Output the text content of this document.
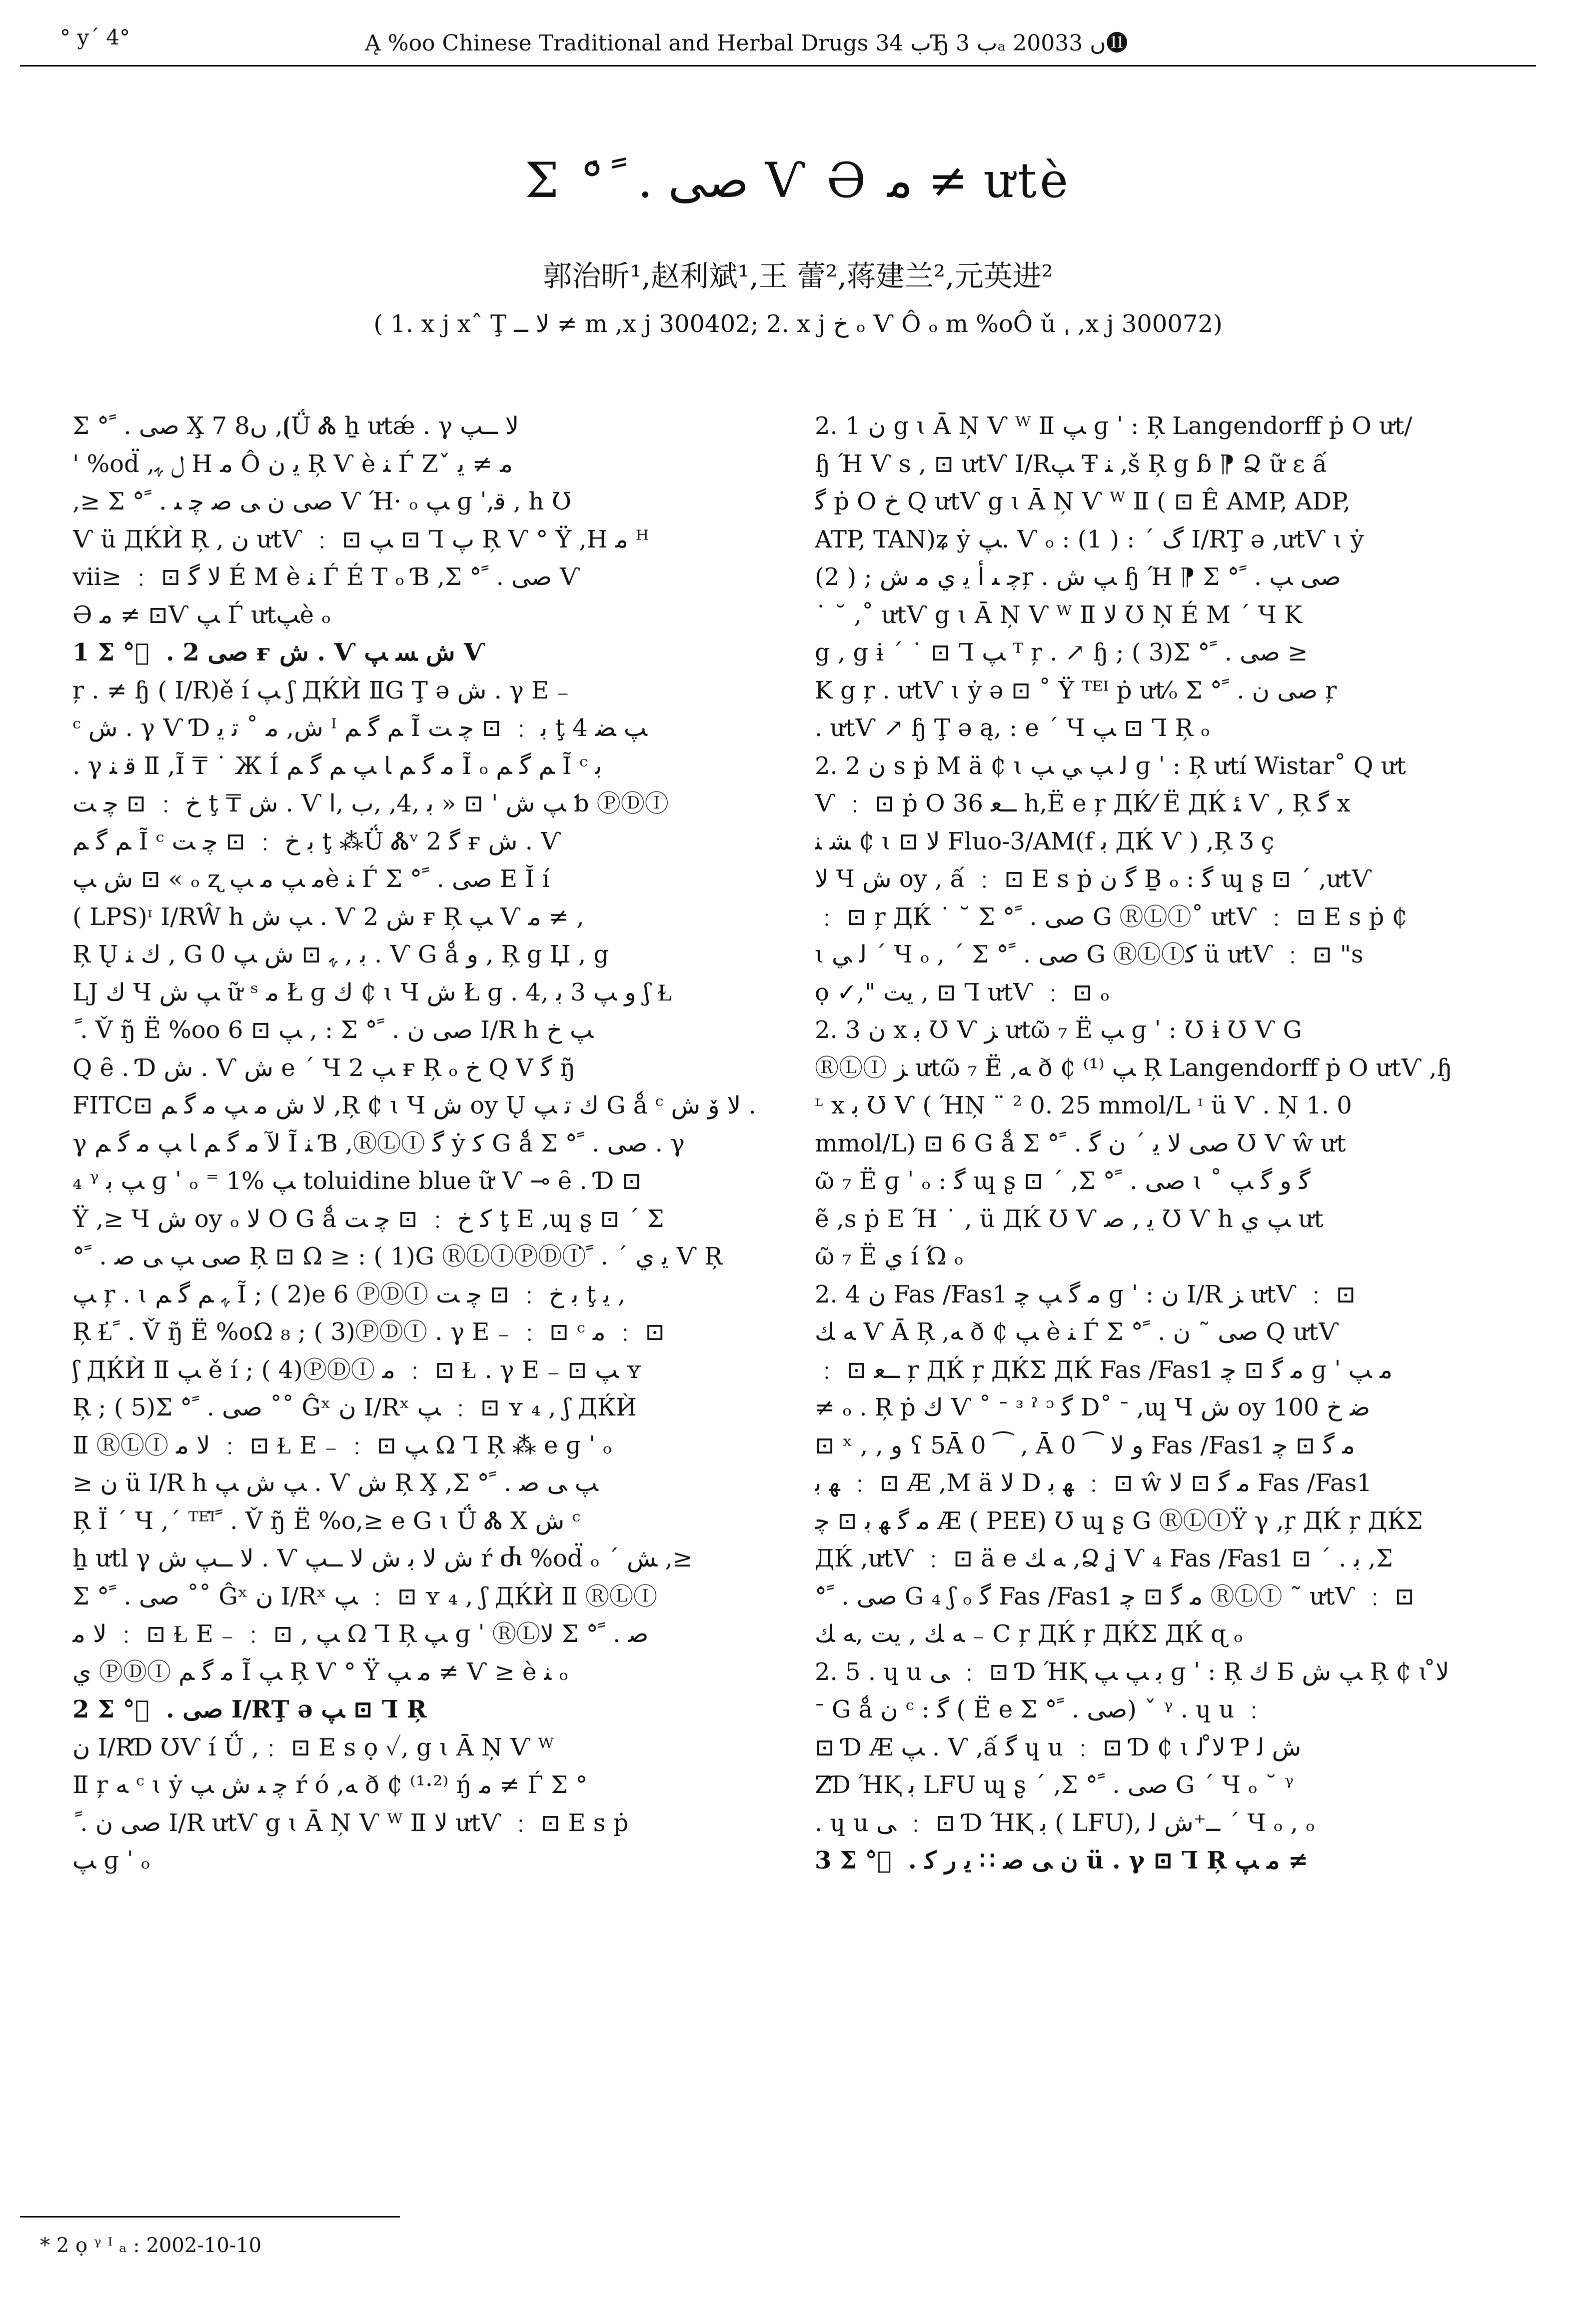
° y´ 4°	Ą %oo Chinese Traditional and Herbal Drugs ب 34Ђ ب 3ₐ 2003ں 3⓫
Σ ° ً̇ . ﺻﻰ Ѵ Ə ﻣ ≠ ưtè
郭治昕¹,赵利斌¹,王 蕾²,蒋建兰²,元英进²
( 1. x j xˆ Ţ ﻻ ــ ≠ m ,x j 300402; 2. x j خ ₒ Ѵ Ô ₒ m %oÔ ǔ ˌ ,x j 300072)

Σ ° ً̇ . ﺻﻰ X̧ 7 8ں ,⦗Ǘ Ꮬ ẖ ưtǽ . γ ﻻ ــﭗ

' %od̈ ,ﻝ ﮩ H ﻣ Ô ﻳ ﻥ Ŗ Ѵ è ﻨ Ѓ Zˇ ﻣ ≠ ﻳ

,≥ Σ ° ً̇ . ﺻﻰ ﻥ ﻰ ﺻ ﭼ ﯩ Ѵ Ή· ₒ ﭗ ɡ ˈ,ﻗ , h Ʊ

Ѵ ü ДЌЍ Ŗ , ﻥ ưtѴ ﹕ ⊡ ﭗ ⊡ Ꞁ ﭖ Ŗ Ѵ ° Ÿ ,H ﻣ ᴴ

vii≥ ﹕ ⊡ ﻻ ﮔ É M è ﻨ Ѓ É T ₒ Ɓ ,Σ ° ً̇ . ﺻﻰ Ѵ

Ə ﻣ ≠ ⊡Ѵ ﭗ Ѓ ưtﭗè ₒ

1 Σ ° ً̇ . ﺻﻰ 2 ғ ﺵ . Ѵ ﺵ ﺴ ﭗ Ѵ

ŗ . ≠ ɧ ( I/R)ě í ﭗ ʃ ДЌЍ ⅡG Ţ ə ﺵ . γ E ₋

ᶜ ﺵ . γ Ѵ Ɗ ﺵ, ﻣ ˚ ﺗ ﯾ ᴵ ﻢ ﮔ ﻢ Ĩ ﺑ ﹕ ⊡ ﭼ ﺖ ţ 4 ﭗ ﻀ

. γ ﻗ ﻨ Ⅱ ,Ĩ ₸ ˙ Ж Í ﻣ ﮔ ﻢ ﺎ ﭗ ﻢ ﮔ ﻢ Ĩ ₒ ﻢ ﮔ ﻢ Ĩ ᶜ ﺑ

خ ﹕ ⊡ ﭼ ﺖ ţ ₸ ﺵ . Ѵ ﭗ ﺵ ' ⊡ « ﺑ ,4, ,ﺏ ,ﺍ ƅ ⓅⒹⒾ

ﻢ ﮔ ﻢ Ĩ ᶜ ﺑ خ ﹕ ⊡ ﭼ ﺖ ţ ⁂Ǘ Ꮬᵛ ﮔ 2 ғ ﺵ . Ѵ

ﺵ ﭗ ⊡ « ₒ ʐ ﻣ ﭗ ﻣ ﭗè ﻨ Ѓ Σ ° ً̇ . ﺻﻰ E Ĭ í

( LPS)ᶦ I/RŴ h ﭗ ﺵ . Ѵ ﺵ 2 ғ Ŗ ﭗ Ѵ ﻣ ≠ ,

Ŗ Ų ﻙ ﻨ , G 0 ﺑ , ﮩ ⊡ ﺵ ﭗ . Ѵ G ǻ ﻭ , Ŗ g Џ , g

LJ ﻙ Ч ﭗ ﺵ ữ ˢ ﻣ Ł ɡ ﻙ ₵ ɩ Ч ﺵ Ł ɡ . ﻭ ﭗ 3 ﺑ ,4 ʃ Ɫ

ً̇ . V̌ ŋ̃ Ë %oo ﭗ ⊡ 6 , : Σ ° ً̇ . ﺻﻰ ﻥ I/R h ﭗ خ

Q ȇ . Ɗ ﺵ . Ѵ ﺵ e ˊ Ч ﭗ 2 ғ Ŗ ₒ خ Q V ﮔ ŋ̃

FITC⊡ ﻻ ﺵ ﻣ ﭗ ﻣ ﮔ ﻢ ,Ŗ ₵ ɩ Ч ﺵ oy Ų ﻙ ﺗ ﭗ G ǻ ᶜ ﻻ ﯙ ﺵ .

γ ﻵ ﻣ ﮔ ﻢ ﺎ ﭗ ﻣ ﮔ ﻢ Ĩ ﻨ Ɓ ,ⓇⓁⒾ ﮔ ẏ ﻛ G ǻ Σ ° ً̇ . ﺻﻰ . γ

₄ ᵞ ﭗ ﺑ ɡ ˈ ₒ ⁼ 1% ﭗ toluidine blue ữ Ѵ ⊸ ȇ . Ɗ ⊡

Ÿ ,≥ Ч ﺵ oy ₒ ﻻ O G ǻ ﻛ خ ﹕ ⊡ ﭼ ﺖ ţ E ,ɰ ʂ ⊡ ˊ Σ

° ً̇ . ﺻﻰ ﭗ ﻰ ﺻ Ŗ ⊡ Ω ≥ : ( 1)G ⓇⓁⒾⓅⒹⒾ ً̇ . ˊ ﻳ ﻱ Ѵ Ŗ

ﭗ ŗ . ɩ ﮩ ﻢ ﮔ ﻢ Ĩ ; ( 2)e 6 ⓅⒹⒾ ﺑ خ ﹕ ⊡ ﭼ ﺖ ţ ﻳ ,

Ŗ Ɫ ً̇ . V̌ ŋ̃ Ë %oΩ ₈ ; ( 3)ⓅⒹⒾ . γ E ₋ ﹕ ⊡ ᶜ ﻣ ﹕ ⊡

ʃ ДЌЍ Ⅱ ﭗ ě í ; ( 4)ⓅⒹⒾ ﻣ ﹕ ⊡ Ɫ . γ E ₋ ⊡ ﭗ ʏ

Ŗ ; ( 5)Σ ° ً̇ . ﺻﻰ ˚˚ Ĝˣ ﻥ I/Rˣ ﭗ ﹕ ⊡ ʏ ₄ , ʃ ДЌЍ

Ⅱ ⓇⓁⒾ ﻻ ﻣ ﹕ ⊡ Ɫ E ₋ ﹕ ⊡ ﭗ Ω Ꞁ Ŗ ⁂ e ɡ ˈ ₒ

≥ ﻥ ü I/R h ﭗ ﺵ ﭗ . Ѵ ﺵ Ŗ X̧ ,Σ ° ً̇ . ﭗ ﻰ ﺻ

Ŗ Ï ˊ Ч ,ˊ ᵀᴱᴵ ً̇ . V̌ ŋ̃ Ë %o,≥ e G ɩ Ǘ Ꮬ X ﺵ ᶜ

ẖ ưtl γ ﻻ ــﭗ ﺵ . Ѵ ﺵ ﻻ ﺑ ﺵ ﻻ ــﭗ ŕ Ⴛ %od̈ ₒ ˊ ﺶ ,≥

Σ ° ً̇ . ﺻﻰ ˚˚ Ĝˣ ﻥ I/Rˣ ﭗ ﹕ ⊡ ʏ ₄ , ʃ ДЌЍ Ⅱ ⓇⓁⒾ

ﻻ ﻣ ﹕ ⊡ Ɫ E ₋ ﹕ ⊡ , ﭗ Ω Ꞁ Ŗ ﭗ ɡ ˈ ⓇⓁﻻ Σ ° ً̇ . ﺻ

ﻱ ⓅⒹⒾ ﻣ ﮔ ﻢ Ĩ ﭗ Ŗ Ѵ ° Ÿ ﻣ ﭗ ≠ Ѵ ≥ è ﻨ ₒ

2 Σ ° ً̇ . ﺻﻰ I/RŢ ə ﭗ ⊡ Ꞁ Ŗ

ﻥ I/RƊ ƱѴ í Ǘ ,﹕ ⊡ E ꜱ ọ ✓, g ɩ Ā Ņ Ѵ ᵂ

Ⅱ ŗ ﻪ ᶜ ɩ ẏ ﭼ ﯩ ﺵ ﭗ ŕ ó ,ﻪ ð ₵ ⁽¹·²⁾ ŋ́ ﻣ ≠ Ѓ Σ °

ً̇ . ﺻﻰ ﻥ I/R ưtѴ g ɩ Ā Ņ Ѵ ᵂ Ⅱ ﻻ ưtѴ ﹕ ⊡ E ꜱ ṗ

ﭗ ɡ ˈ ₒ

2. 1 ﻥ g ɩ Ā Ņ Ѵ ᵂ Ⅱ ﭗ ɡ ˈ : Ŗ Langendorff ṗ O ưt/

ɧ Ή Ѵ s , ⊡ ưtѴ I/Rﭗ Ŧ ﻨ ,š Ŗ g ɓ ⁋ Ձ ữ ɛ ấ

ﮔ ṗ O خ Q ưtѴ g ɩ Ā Ņ Ѵ ᵂ Ⅱ ( ⊡ Ê AMP, ADP,

ATP, TAN)ʑ ẏ ﭗ. Ѵ ₒ : ﮒ ˊ : ( 1) I/RŢ ə ,ưtѴ ɩ ẏ

ﭼ ﯩ ﺃ ﻳ ﻱ ﻣ ﺵ ; ( 2)ŗ . ﭗ ﺵ ɧ Ή ⁋ Σ ° ً̇ . ﺻﻰ ﭗ

˙ ˘ ,˚ ưtѴ g ɩ Ā Ņ Ѵ ᵂ Ⅱ ﻻ Ʊ Ņ É M ˊ Ч K

g , g ɨ ˊ ˙ ⊡ Ꞁ ﭗ ᵀ ŗ . ↗ ɧ ; ( 3)Σ ° ً̇ . ﺻﻰ ≥

K g ŗ . ưtѴ ɩ ẏ ə ⊡ ˚ Ÿ ᵀᴱᴵ ṗ ưt⁄ₒ Σ ° ً̇ . ﺻﻰ ﻥ ŗ

. ưtѴ ↗ ɧ Ţ ə ą, : e ˊ Ч ﭗ ⊡ Ꞁ Ŗ ₒ

2. 2 ﻥ s ṗ M ä ₵ ɩ ﻟ ﭗ ﻲ ﭗ ɡ ˈ : Ŗ ưtí Wistar˚ Q ưt

Ѵ ﹕ ⊡ ṗ O ــﻌ 36 h,Ë e ŗ ДЌ⁄ Ë ДЌ ﺌ Ѵ , Ŗ ﮔ x

ﺸ ﻨ ₵ ɩ ⊡ ﻻ Fluo-3/AM(f ﺑ ДЌ Ѵ ) ,Ŗ Ʒ ç

ﻻ Ч ﺵ oy , ấ ﹕ ⊡ E ꜱ ṗ ﮔ ﻥ Ḇ ₒ : ﮔ ɰ ʂ ⊡ ˊ ,ưtѴ

﹕ ⊡ ŗ ДЌ ˙ ˘ Σ ° ً̇ . ﺻﻰ G ⓇⓁⒾ˚ ưtѴ ﹕ ⊡ E ꜱ ṗ ₵

ɩ ﻟ ﻲ ˊ Ч ₒ , ˊ Σ ° ً̇ . ﺻﻰ G ⓇⓁⒾﻛ ü ưtѴ ﹕ ⊡ "s

ọ ✓," ﻳﺖ , ⊡ Ꞁ ưtѴ ﹕ ⊡ ₒ

2. 3 ﻥ x ﺑ Ʊ Ѵ ﺰ ưtῶ ₇ Ë ﭗ ɡ ˈ : Ʊ ɨ Ʊ Ѵ G

ⓇⓁⒾ ﺰ ưtῶ ₇ Ë ,ﻪ ð ₵ ﭗ ⁽¹⁾ Ŗ Langendorff ṗ O ưtѴ ,ɧ

ᶫ x ﺑ Ʊ Ѵ ( ΉŅ ¨ ² 0. 25 mmol/L ᶦ ü Ѵ . Ņ 1. 0

mmol/L) ⊡ 6 G ǻ Σ ° ً̇ . ﺻﻰ ﻻ ﻳ ˊ ﻥ ﮔ Ʊ Ѵ ŵ ưt

ῶ ₇ Ë ɡ ˈ ₒ : ﮔ ɰ ʂ ⊡ ˊ ,Σ ° ً̇ . ﺻﻰ ɩ ˚ ﮔ ﻭ ﮔ ﭗ

ẽ ,s ṗ E Ή ˙ , ü ДЌ Ʊ Ѵ ﻳ , ﺻ Ʊ Ѵ h ﭗ ﻱ ưt

ῶ ₇ Ë ﻱ í Ώ ₒ

2. 4 ﻥ Fas /Fas1 ﻣ ﮔ ﭗ ﭼ ɡ ˈ : ﻥ I/R ﺰ ưtѴ ﹕ ⊡

ﻪ ﻚ Ѵ Ā Ŗ ,ﻪ ð ₵ ﭗ è ﻨ Ѓ Σ ° ً̇ . ﺻﻰ ˜ ﻥ Q ưtѴ

﹕ ⊡ ــﻌ ŗ ДЌ ŗ ДЌΣ ДЌ Fas /Fas1 ﻣ ﮔ ⊡ ﭼ ɡ ˈ ﻣ ﭗ

≠ ₒ . Ŗ ṗ ﻙ Ѵ ˚ ᐨ ᶟ ˀ ᵓ ﮔ D˚ ᐨ ,ɰ Ч ﺵ oy ﺿ خ 100

⊡ ˣ , , ﻭ ʕ 5Ā 0 ⁀ , Ā 0 ⁀ ﻭ ﻻ Fas /Fas1 ﻣ ﮔ ⊡ ﭼ

ﮭ ﺑ ﹕ ⊡ Æ ,M ä ﻻ D ﮭ ﺑ ﹕ ⊡ ŵ ﻣ ﮔ ⊡ ﻻ Fas /Fas1

ﻣ ﮔ ﮭ ﺑ ⊡ ﭼ Æ ( PEE) Ʊ ɰ ʂ G ⓇⓁⒾŸ γ ,ŗ ДЌ ŗ ДЌΣ

ДЌ ,ưtѴ ﹕ ⊡ ä e ﻪ ﻚ ,Ձ ʝ Ѵ ₄ Fas /Fas1 ⊡ ˊ . ﺑ ,Σ

° ً̇ . ﺻﻰ G ₄ ʃ ₒ ﮔ Fas /Fas1 ﻣ ﮔ ⊡ ﭼ ⓇⓁⒾ ˜ ưtѴ ﹕ ⊡

ﻪ ﻚ , ﻳﺖ ,ﻪ ﻚ ₋ C ŗ ДЌ ŗ ДЌΣ ДЌ ɋ ₒ

2. 5 . ɥ u ﻰ ﹕ ⊡ Ɗ ΉⱩ ﺑ ﭗ ﭗ ɡ ˈ : Ŗ ﻙ Б ﭗ ﺵ Ŗ ₵ ɩ ﻻ̊

ᐨ G ǻ ﻥ ᶜ : ﮔ ( Ë e Σ ° ً̇ . ﺻﻰ) ˇ ᵞ . ɥ u ﹕

⊡ Ɗ Æ ﭗ . Ѵ ,ấ ﮔ ɥ u ﹕ ⊡ Ɗ ₵ ɩ ﻻ̊ ﻟ Ƥ ﺵ ﻟ

ZƊ ΉⱩ ﺑ LFU ɰ ʂ ˊ ,Σ ° ً̇ . ﺻﻰ G ˊ Ч ₒ ˘ ᵞ

. ɥ u ﻰ ﹕ ⊡ Ɗ ΉⱩ ﺑ ( LFU), ــ⁺ﺵ ﻟ ˊ Ч ₒ , ₒ

3 Σ ° ً̇ . ﻥ ﻰ ﺻ ∷ ﻳ ﺭ ﻛ ü . γ ⊡ Ꞁ Ŗ ﻣ ﭗ ≠

* 2 ọ ᵞ ᴵ ₐ : 2002-10-10
